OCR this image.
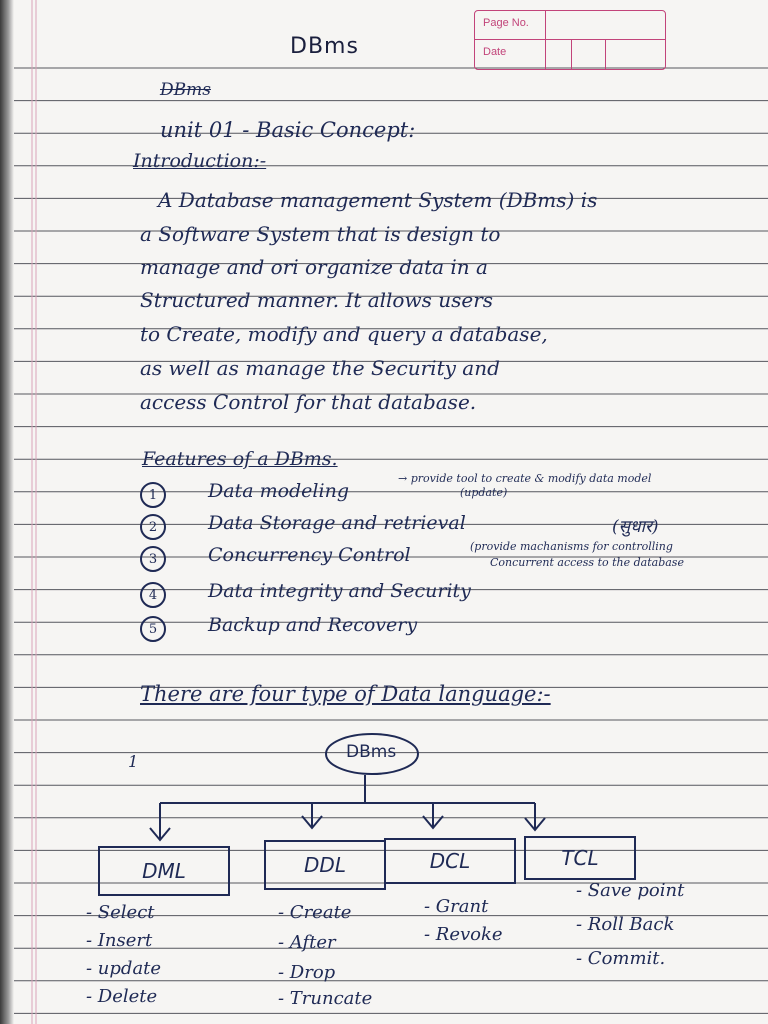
Page No.
Date
DBms
DBms
unit 01 - Basic Concept:
Introduction:-
A Database management System (DBms) is
a Software System that is design to
manage and ori organize data in a
Structured manner. It allows users
to Create, modify and query a database,
as well as manage the Security and
access Control for that database.
Features of a DBms.
1	Data modeling
→ provide tool to create & modify data model
(update)
2	Data Storage and retrieval	(सुधार)
3	Concurrency Control	(provide machanisms for controlling
Concurrent access to the database
4	Data integrity and Security
5	Backup and Recovery
There are four type of Data language:-
1	DBms
DML
- Select
- Insert
- update
- Delete
DDL
- Create
- After
- Drop
- Truncate
DCL
- Grant
- Revoke
TCL
- Save point
- Roll Back
- Commit.
